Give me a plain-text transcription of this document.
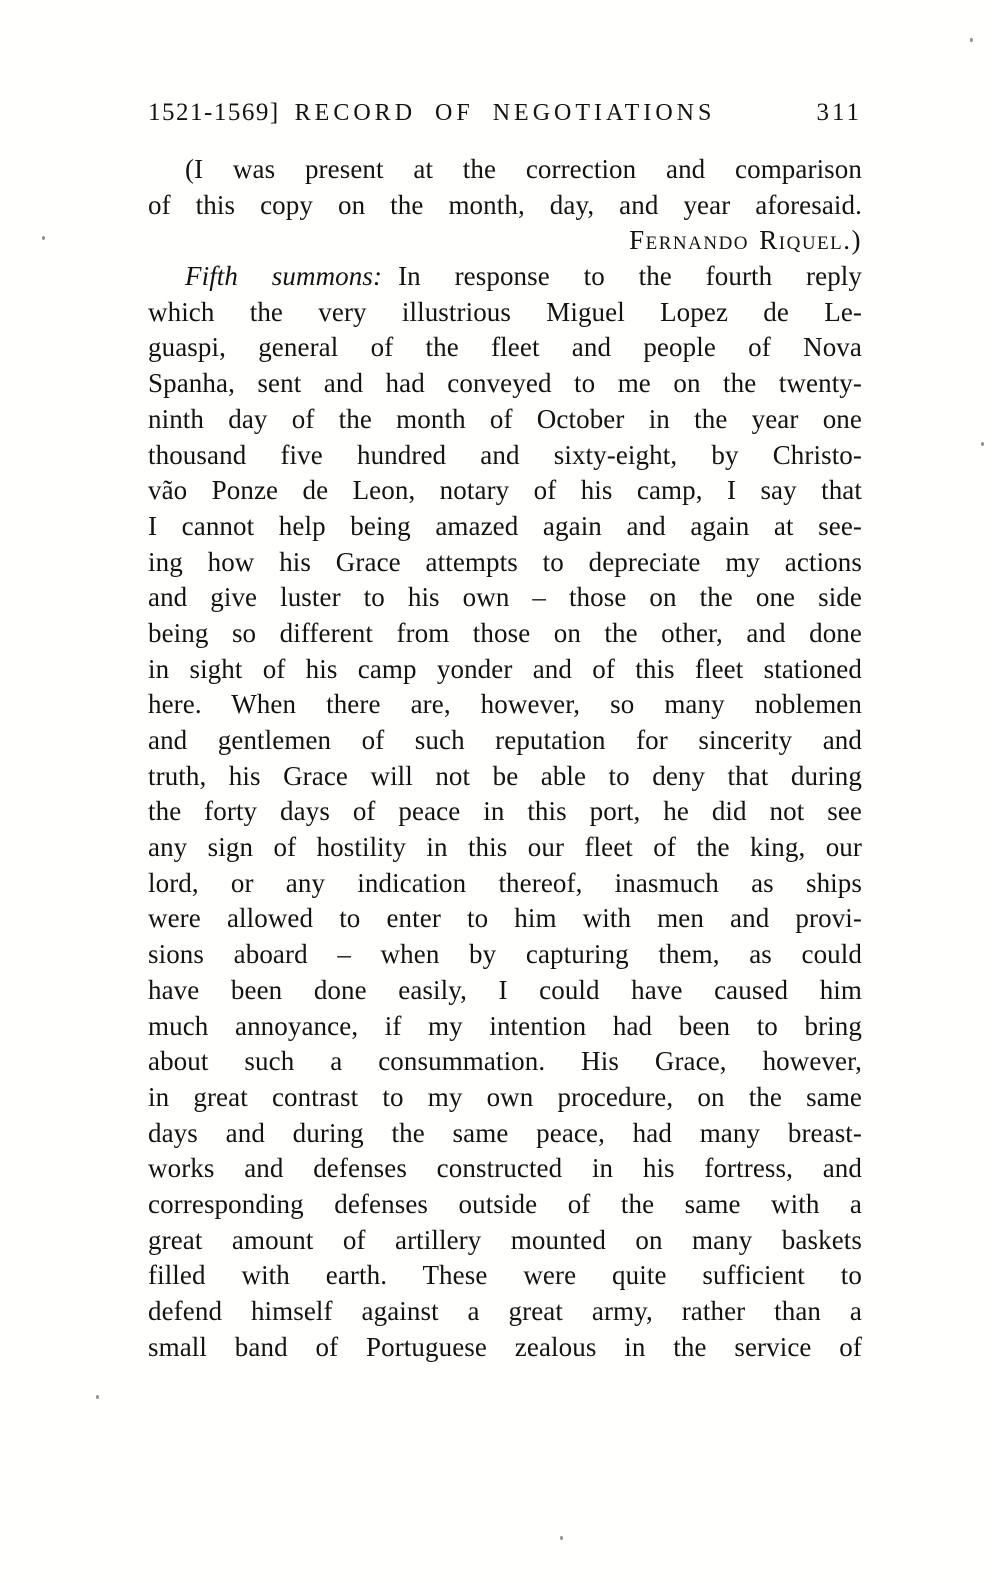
1521-1569] RECORD OF NEGOTIATIONS	311
(I was present at the correction and comparison
of this copy on the month, day, and year aforesaid.
Fernando Riquel.)
Fifth summons: In response to the fourth reply
which the very illustrious Miguel Lopez de Le-
guaspi, general of the fleet and people of Nova
Spanha, sent and had conveyed to me on the twenty-
ninth day of the month of October in the year one
thousand five hundred and sixty-eight, by Christo-
vão Ponze de Leon, notary of his camp, I say that
I cannot help being amazed again and again at see-
ing how his Grace attempts to depreciate my actions
and give luster to his own – those on the one side
being so different from those on the other, and done
in sight of his camp yonder and of this fleet stationed
here. When there are, however, so many noblemen
and gentlemen of such reputation for sincerity and
truth, his Grace will not be able to deny that during
the forty days of peace in this port, he did not see
any sign of hostility in this our fleet of the king, our
lord, or any indication thereof, inasmuch as ships
were allowed to enter to him with men and provi-
sions aboard – when by capturing them, as could
have been done easily, I could have caused him
much annoyance, if my intention had been to bring
about such a consummation. His Grace, however,
in great contrast to my own procedure, on the same
days and during the same peace, had many breast-
works and defenses constructed in his fortress, and
corresponding defenses outside of the same with a
great amount of artillery mounted on many baskets
filled with earth. These were quite sufficient to
defend himself against a great army, rather than a
small band of Portuguese zealous in the service of
